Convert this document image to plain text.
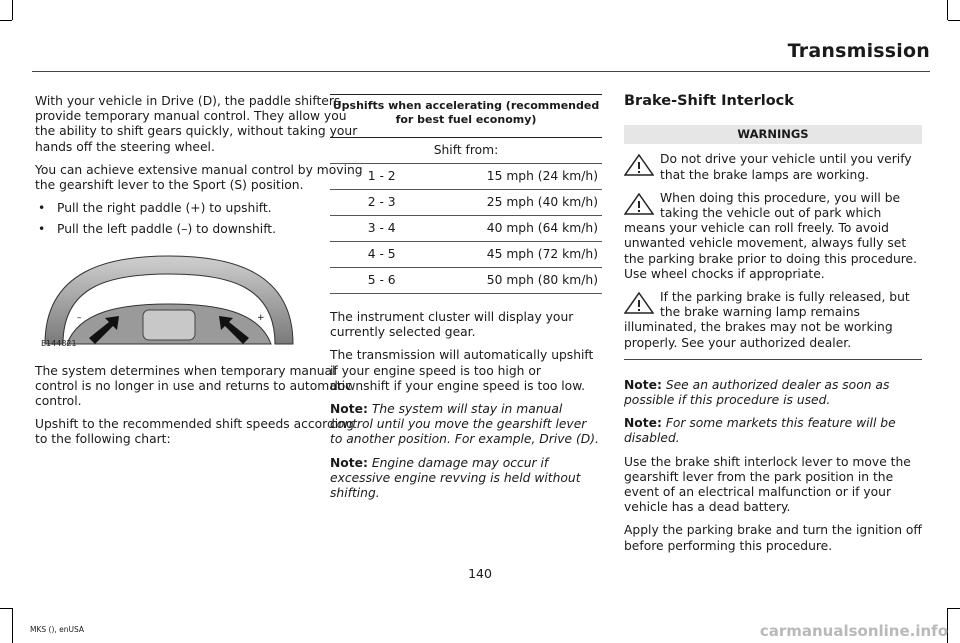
Transmission

With your vehicle in Drive (D), the paddle shifters provide temporary manual control. They allow you the ability to shift gears quickly, without taking your hands off the steering wheel.

You can achieve extensive manual control by moving the gearshift lever to the Sport (S) position.

• Pull the right paddle (+) to upshift.
• Pull the left paddle (–) to downshift.
–	+
E144821

The system determines when temporary manual control is no longer in use and returns to automatic control.

Upshift to the recommended shift speeds according to the following chart:

Upshifts when accelerating (recommended for best fuel economy)	
Shift from:	
1 - 2	15 mph (24 km/h)
2 - 3	25 mph (40 km/h)
3 - 4	40 mph (64 km/h)
4 - 5	45 mph (72 km/h)
5 - 6	50 mph (80 km/h)

The instrument cluster will display your currently selected gear.

The transmission will automatically upshift if your engine speed is too high or downshift if your engine speed is too low.

Note: The system will stay in manual control until you move the gearshift lever to another position. For example, Drive (D).

Note: Engine damage may occur if excessive engine revving is held without shifting.

Brake-Shift Interlock
WARNINGS
Do not drive your vehicle until you verify that the brake lamps are working.
When doing this procedure, you will be taking the vehicle out of park which means your vehicle can roll freely. To avoid unwanted vehicle movement, always fully set the parking brake prior to doing this procedure. Use wheel chocks if appropriate.
If the parking brake is fully released, but the brake warning lamp remains illuminated, the brakes may not be working properly. See your authorized dealer.

Note: See an authorized dealer as soon as possible if this procedure is used.

Note: For some markets this feature will be disabled.

Use the brake shift interlock lever to move the gearshift lever from the park position in the event of an electrical malfunction or if your vehicle has a dead battery.

Apply the parking brake and turn the ignition off before performing this procedure.

140
MKS (), enUSA	carmanualsonline.info
